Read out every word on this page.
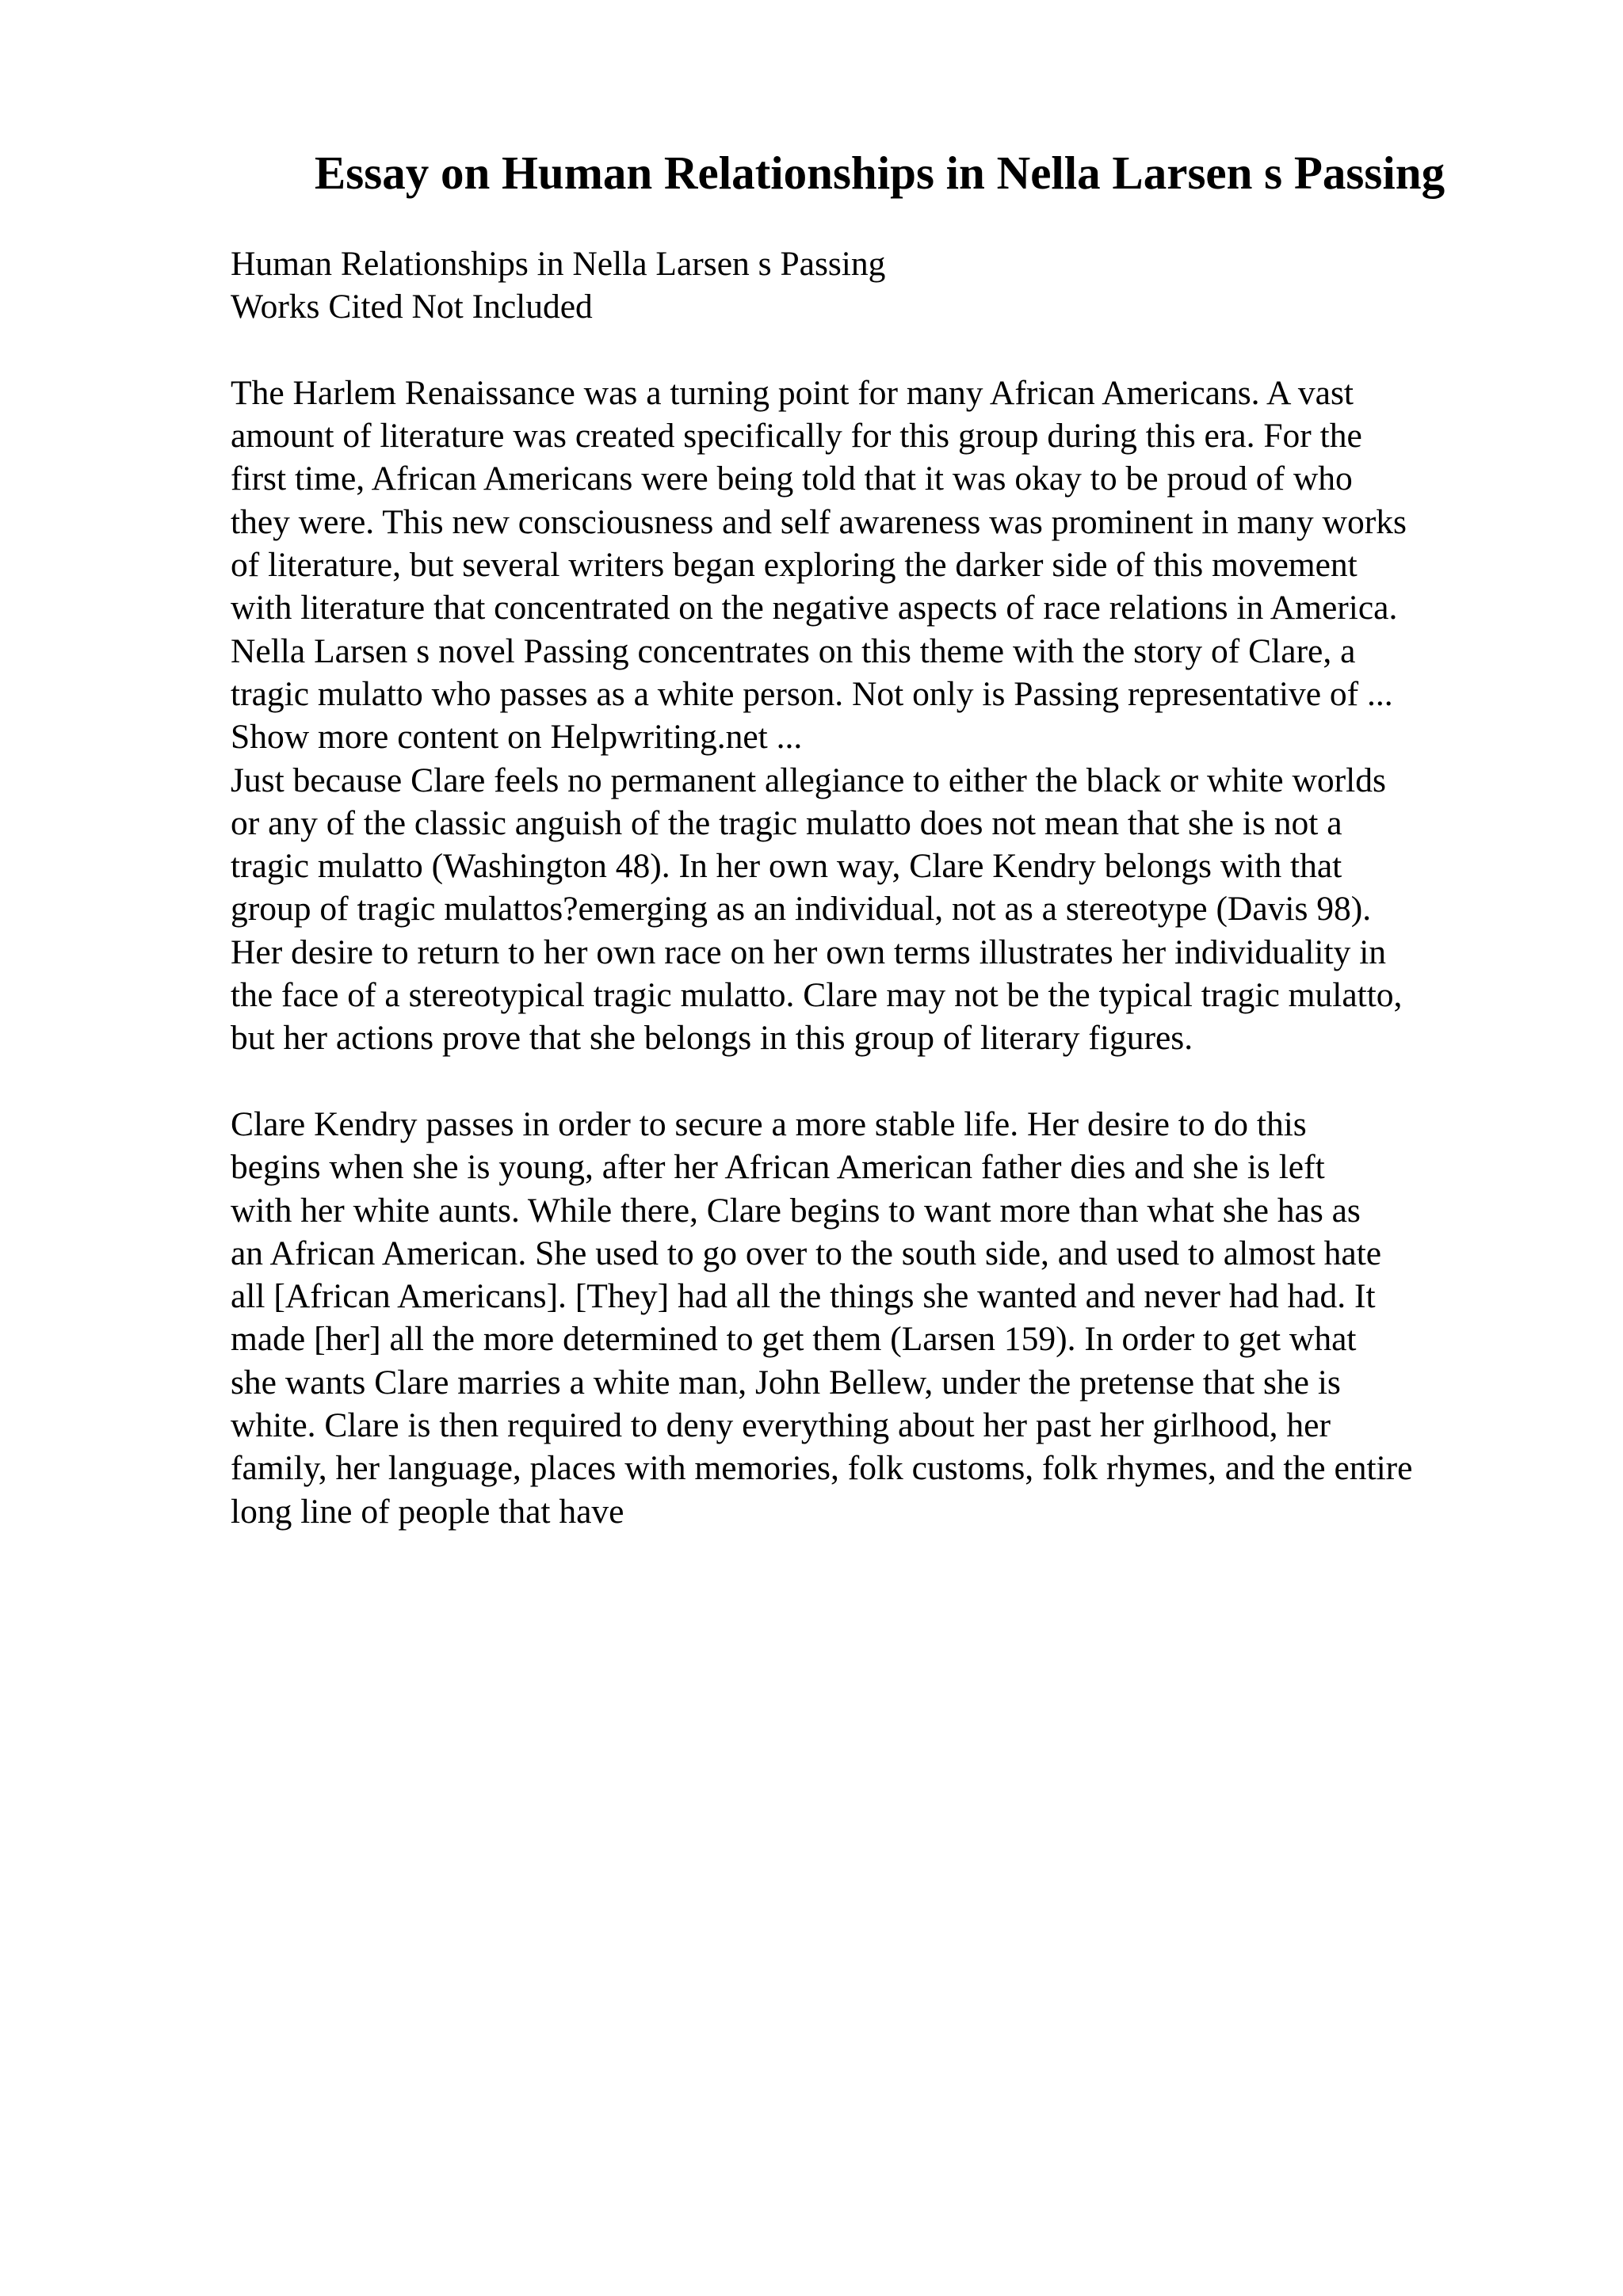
Essay on Human Relationships in Nella Larsen s Passing
Human Relationships in Nella Larsen s Passing
Works Cited Not Included
The Harlem Renaissance was a turning point for many African Americans. A vast
amount of literature was created specifically for this group during this era. For the
first time, African Americans were being told that it was okay to be proud of who
they were. This new consciousness and self awareness was prominent in many works
of literature, but several writers began exploring the darker side of this movement
with literature that concentrated on the negative aspects of race relations in America.
Nella Larsen s novel Passing concentrates on this theme with the story of Clare, a
tragic mulatto who passes as a white person. Not only is Passing representative of ...
Show more content on Helpwriting.net ...
Just because Clare feels no permanent allegiance to either the black or white worlds
or any of the classic anguish of the tragic mulatto does not mean that she is not a
tragic mulatto (Washington 48). In her own way, Clare Kendry belongs with that
group of tragic mulattos?emerging as an individual, not as a stereotype (Davis 98).
Her desire to return to her own race on her own terms illustrates her individuality in
the face of a stereotypical tragic mulatto. Clare may not be the typical tragic mulatto,
but her actions prove that she belongs in this group of literary figures.
Clare Kendry passes in order to secure a more stable life. Her desire to do this
begins when she is young, after her African American father dies and she is left
with her white aunts. While there, Clare begins to want more than what she has as
an African American. She used to go over to the south side, and used to almost hate
all [African Americans]. [They] had all the things she wanted and never had had. It
made [her] all the more determined to get them (Larsen 159). In order to get what
she wants Clare marries a white man, John Bellew, under the pretense that she is
white. Clare is then required to deny everything about her past her girlhood, her
family, her language, places with memories, folk customs, folk rhymes, and the entire
long line of people that have
